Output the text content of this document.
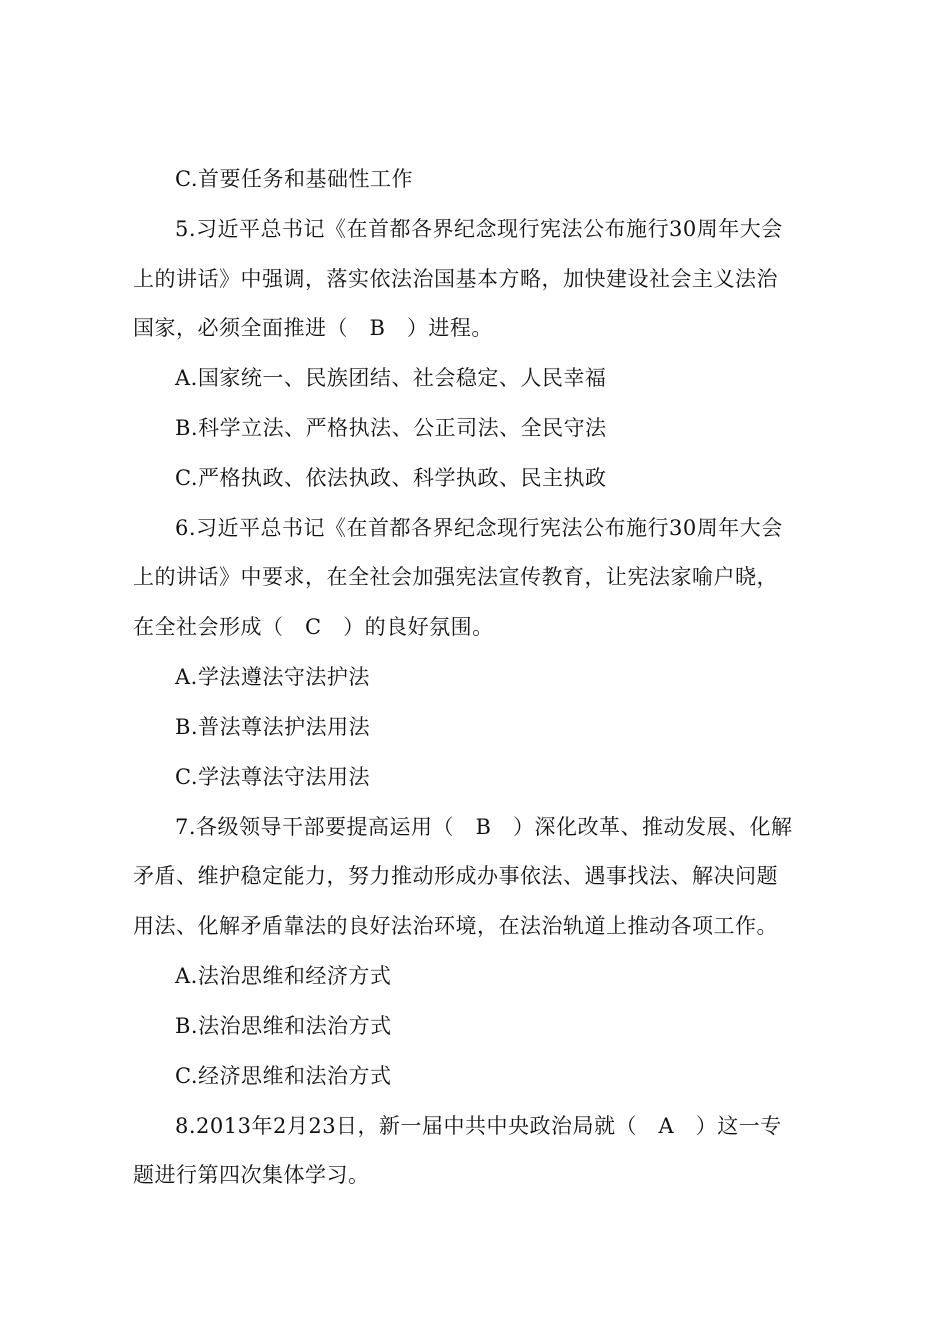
C.首要任务和基础性工作
5.习近平总书记《在首都各界纪念现行宪法公布施行30周年大会
上的讲话》中强调，落实依法治国基本方略，加快建设社会主义法治
国家，必须全面推进（　B　）进程。
A.国家统一、民族团结、社会稳定、人民幸福
B.科学立法、严格执法、公正司法、全民守法
C.严格执政、依法执政、科学执政、民主执政
6.习近平总书记《在首都各界纪念现行宪法公布施行30周年大会
上的讲话》中要求，在全社会加强宪法宣传教育，让宪法家喻户晓，
在全社会形成（　C　）的良好氛围。
A.学法遵法守法护法
B.普法尊法护法用法
C.学法尊法守法用法
7.各级领导干部要提高运用（　B　）深化改革、推动发展、化解
矛盾、维护稳定能力，努力推动形成办事依法、遇事找法、解决问题
用法、化解矛盾靠法的良好法治环境，在法治轨道上推动各项工作。
A.法治思维和经济方式
B.法治思维和法治方式
C.经济思维和法治方式
8.2013年2月23日，新一届中共中央政治局就（　A　）这一专
题进行第四次集体学习。
